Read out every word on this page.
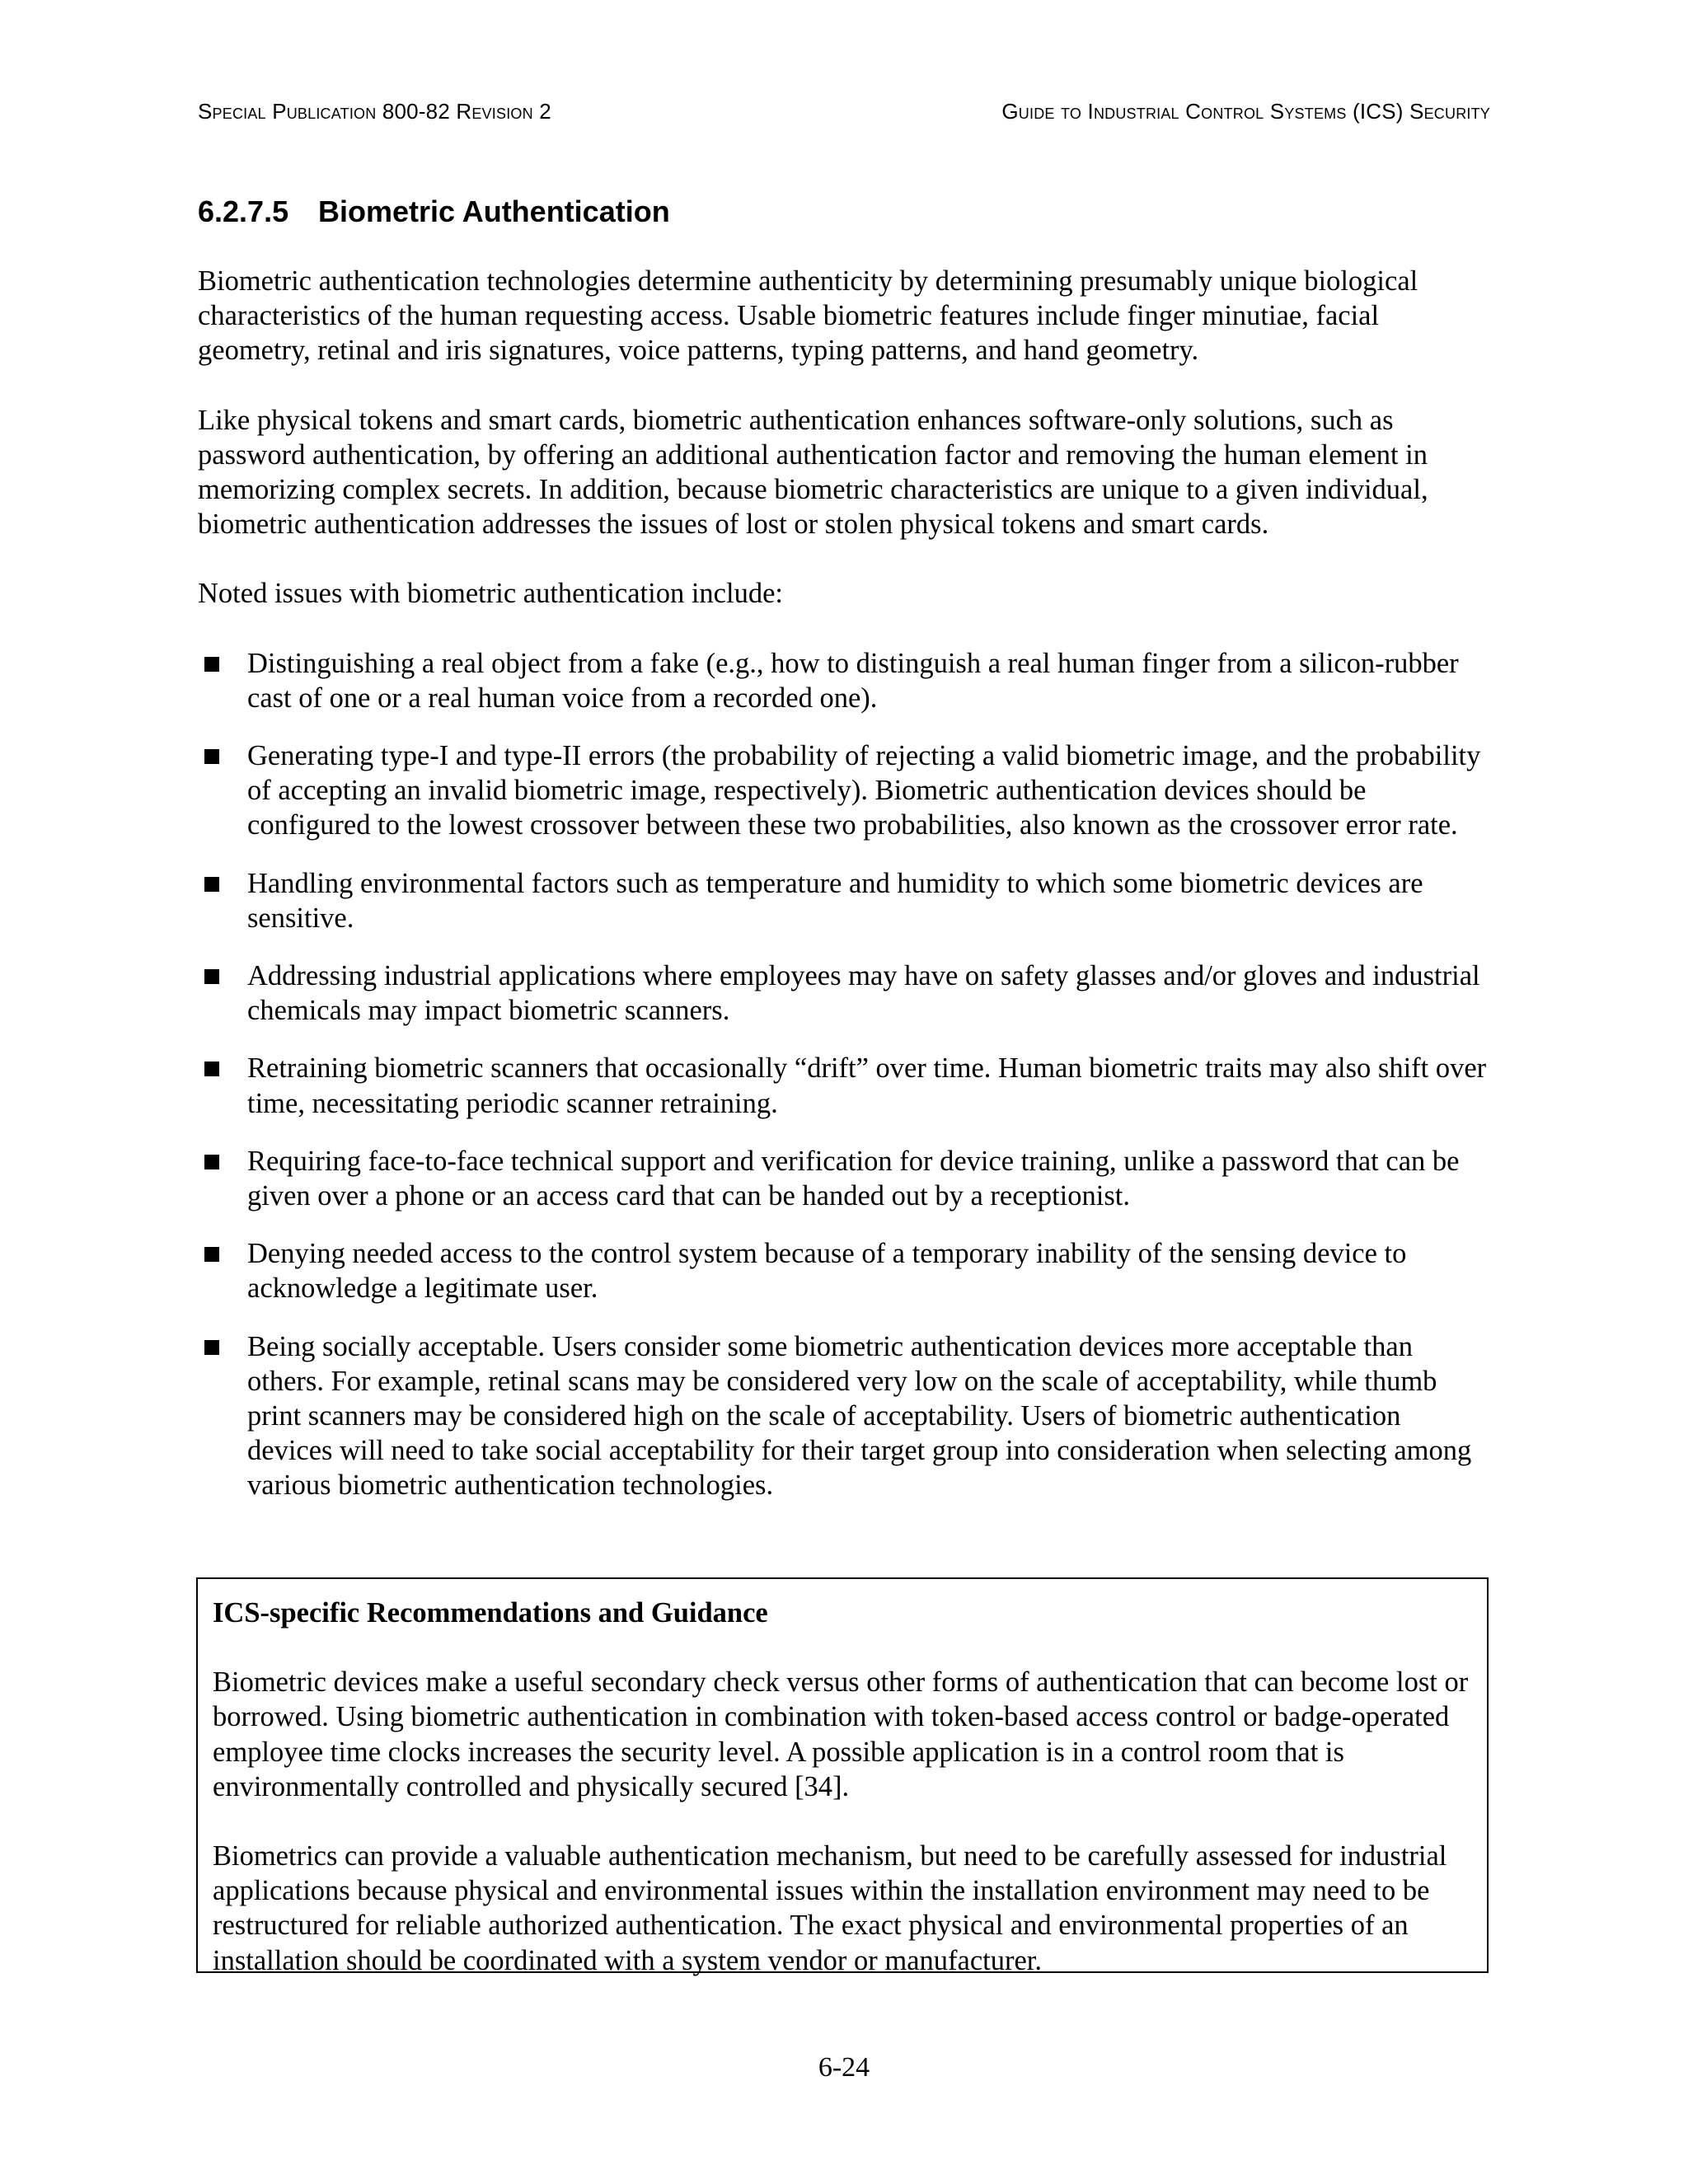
Special Publication 800-82 Revision 2	Guide to Industrial Control Systems (ICS) Security
6.2.7.5 Biometric Authentication

Biometric authentication technologies determine authenticity by determining presumably unique biological characteristics of the human requesting access. Usable biometric features include finger minutiae, facial geometry, retinal and iris signatures, voice patterns, typing patterns, and hand geometry.

Like physical tokens and smart cards, biometric authentication enhances software-only solutions, such as password authentication, by offering an additional authentication factor and removing the human element in memorizing complex secrets. In addition, because biometric characteristics are unique to a given individual, biometric authentication addresses the issues of lost or stolen physical tokens and smart cards.

Noted issues with biometric authentication include:

Distinguishing a real object from a fake (e.g., how to distinguish a real human finger from a silicon-rubber cast of one or a real human voice from a recorded one).
Generating type-I and type-II errors (the probability of rejecting a valid biometric image, and the probability of accepting an invalid biometric image, respectively). Biometric authentication devices should be configured to the lowest crossover between these two probabilities, also known as the crossover error rate.
Handling environmental factors such as temperature and humidity to which some biometric devices are sensitive.
Addressing industrial applications where employees may have on safety glasses and/or gloves and industrial chemicals may impact biometric scanners.
Retraining biometric scanners that occasionally “drift” over time. Human biometric traits may also shift over time, necessitating periodic scanner retraining.
Requiring face-to-face technical support and verification for device training, unlike a password that can be given over a phone or an access card that can be handed out by a receptionist.
Denying needed access to the control system because of a temporary inability of the sensing device to acknowledge a legitimate user.
Being socially acceptable. Users consider some biometric authentication devices more acceptable than others. For example, retinal scans may be considered very low on the scale of acceptability, while thumb print scanners may be considered high on the scale of acceptability. Users of biometric authentication devices will need to take social acceptability for their target group into consideration when selecting among various biometric authentication technologies.
ICS-specific Recommendations and Guidance

Biometric devices make a useful secondary check versus other forms of authentication that can become lost or borrowed. Using biometric authentication in combination with token-based access control or badge-operated employee time clocks increases the security level. A possible application is in a control room that is environmentally controlled and physically secured [34].

Biometrics can provide a valuable authentication mechanism, but need to be carefully assessed for industrial applications because physical and environmental issues within the installation environment may need to be restructured for reliable authorized authentication. The exact physical and environmental properties of an installation should be coordinated with a system vendor or manufacturer.

6-24
